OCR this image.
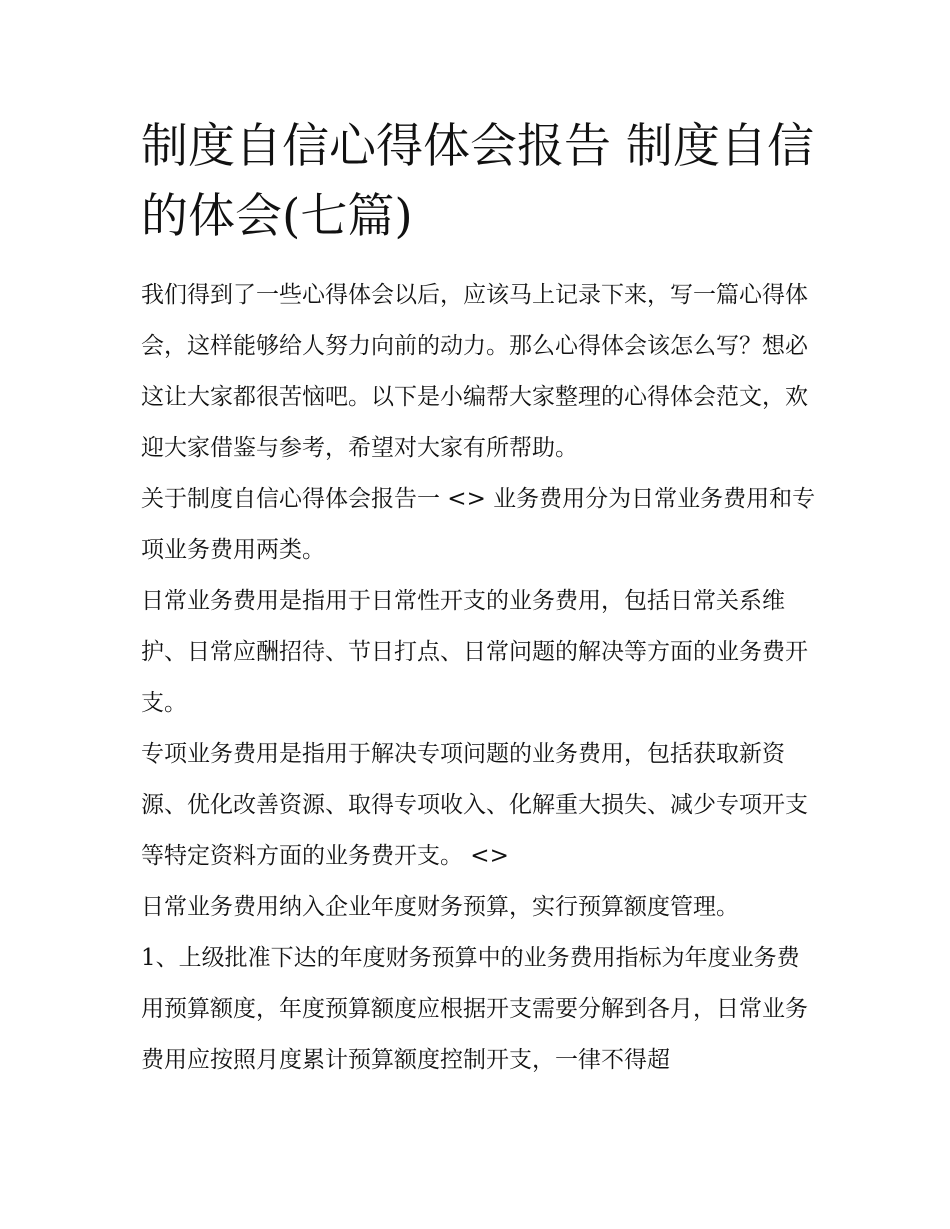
制度自信心得体会报告 制度自信的体会(七篇)

我们得到了一些心得体会以后，应该马上记录下来，写一篇心得体会，这样能够给人努力向前的动力。那么心得体会该怎么写？想必这让大家都很苦恼吧。以下是小编帮大家整理的心得体会范文，欢迎大家借鉴与参考，希望对大家有所帮助。

关于制度自信心得体会报告一 <> 业务费用分为日常业务费用和专项业务费用两类。

日常业务费用是指用于日常性开支的业务费用，包括日常关系维护、日常应酬招待、节日打点、日常问题的解决等方面的业务费开支。

专项业务费用是指用于解决专项问题的业务费用，包括获取新资源、优化改善资源、取得专项收入、化解重大损失、减少专项开支等特定资料方面的业务费开支。 <>

日常业务费用纳入企业年度财务预算，实行预算额度管理。

1、上级批准下达的年度财务预算中的业务费用指标为年度业务费用预算额度，年度预算额度应根据开支需要分解到各月，日常业务费用应按照月度累计预算额度控制开支，一律不得超
